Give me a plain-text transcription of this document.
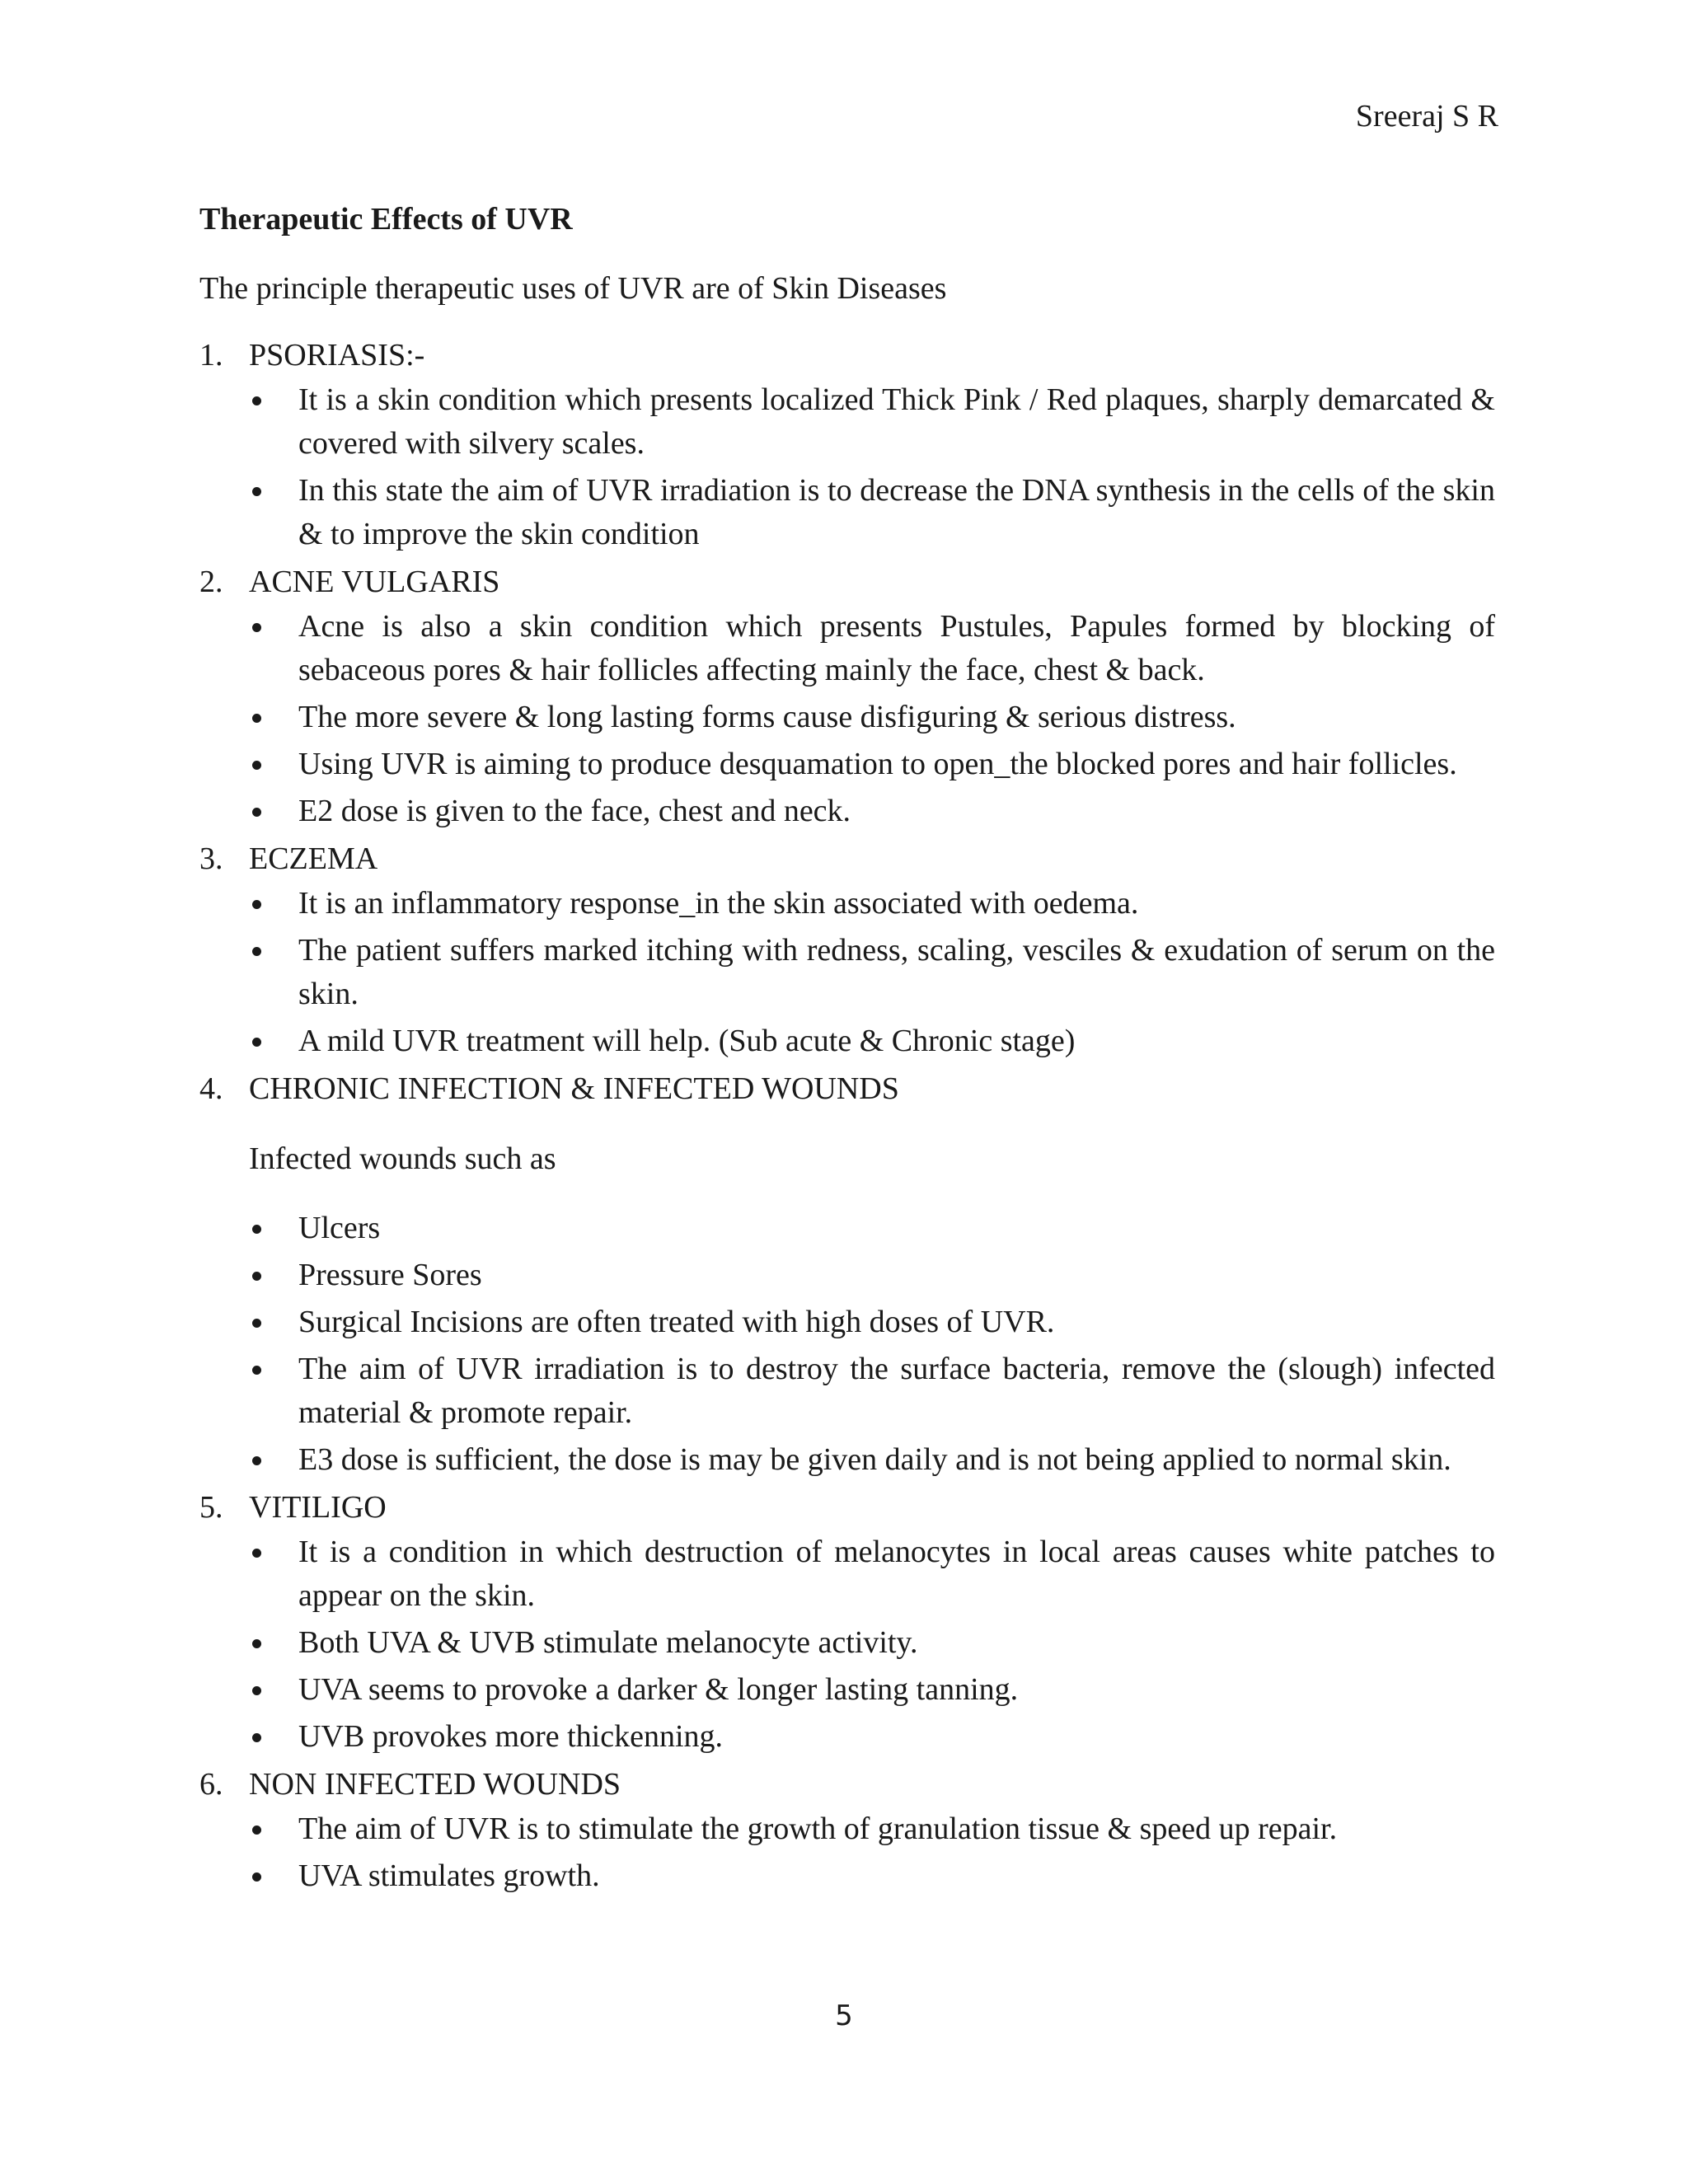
Sreeraj S R
Therapeutic Effects of UVR
The principle therapeutic uses of UVR are of Skin Diseases
1. PSORIASIS:-
It is a skin condition which presents localized Thick Pink / Red plaques, sharply demarcated & covered with silvery scales.
In this state the aim of UVR irradiation is to decrease the DNA synthesis in the cells of the skin & to improve the skin condition
2. ACNE VULGARIS
Acne is also a skin condition which presents Pustules, Papules formed by blocking of sebaceous pores & hair follicles affecting mainly the face, chest & back.
The more severe & long lasting forms cause disfiguring & serious distress.
Using UVR is aiming to produce desquamation to open_the blocked pores and hair follicles.
E2 dose is given to the face, chest and neck.
3. ECZEMA
It is an inflammatory response_in the skin associated with oedema.
The patient suffers marked itching with redness, scaling, vesciles & exudation of serum on the skin.
A mild UVR treatment will help. (Sub acute & Chronic stage)
4. CHRONIC INFECTION & INFECTED WOUNDS
Infected wounds such as
Ulcers
Pressure Sores
Surgical Incisions are often treated with high doses of UVR.
The aim of UVR irradiation is to destroy the surface bacteria, remove the (slough) infected material & promote repair.
E3 dose is sufficient, the dose is may be given daily and is not being applied to normal skin.
5. VITILIGO
It is a condition in which destruction of melanocytes in local areas causes white patches to appear on the skin.
Both UVA & UVB stimulate melanocyte activity.
UVA seems to provoke a darker & longer lasting tanning.
UVB provokes more thickenning.
6. NON INFECTED WOUNDS
The aim of UVR is to stimulate the growth of granulation tissue & speed up repair.
UVA stimulates growth.
5
